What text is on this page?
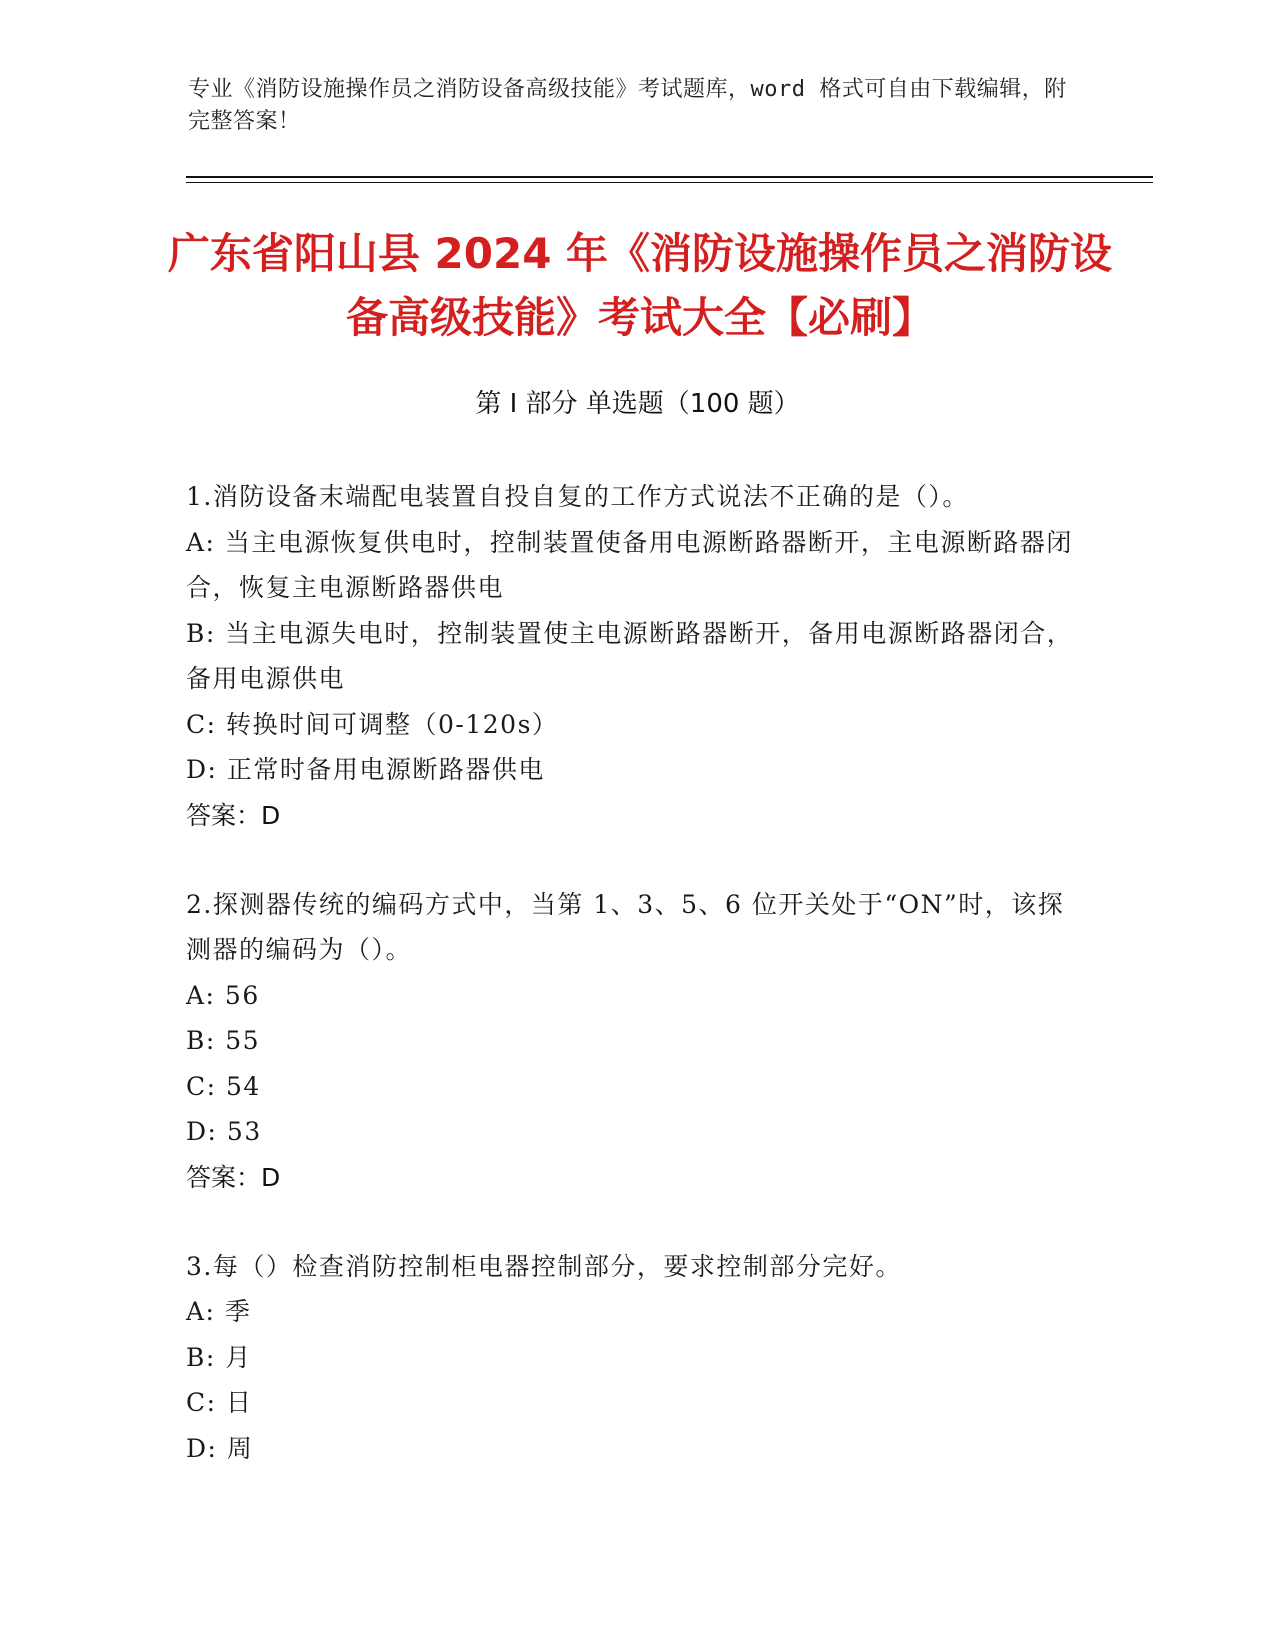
专业《消防设施操作员之消防设备高级技能》考试题库，word 格式可自由下载编辑，附完整答案！
广东省阳山县 2024 年《消防设施操作员之消防设备高级技能》考试大全【必刷】
第 I 部分 单选题（100 题）
1.消防设备末端配电装置自投自复的工作方式说法不正确的是（）。
A: 当主电源恢复供电时，控制装置使备用电源断路器断开，主电源断路器闭合，恢复主电源断路器供电
B: 当主电源失电时，控制装置使主电源断路器断开，备用电源断路器闭合，备用电源供电
C: 转换时间可调整（0-120s）
D: 正常时备用电源断路器供电
答案：D
2.探测器传统的编码方式中，当第 1、3、5、6 位开关处于“ON”时，该探测器的编码为（）。
A: 56
B: 55
C: 54
D: 53
答案：D
3.每（）检查消防控制柜电器控制部分，要求控制部分完好。
A: 季
B: 月
C: 日
D: 周
